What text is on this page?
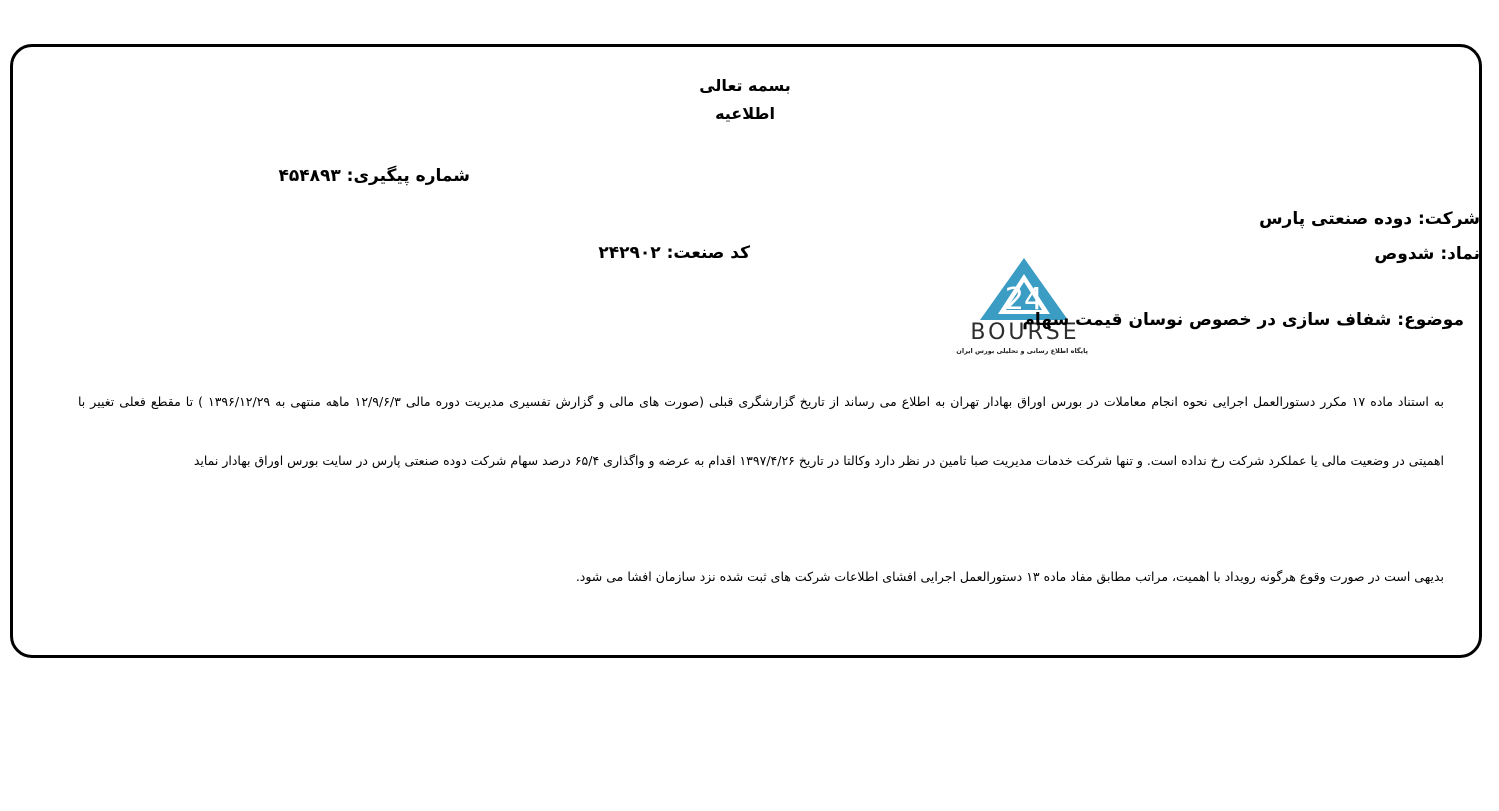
بسمه تعالی
اطلاعیه
شماره پیگیری: ۴۵۴۸۹۳
شرکت: دوده صنعتی پارس
نماد: شدوص
کد صنعت: ۲۴۲۹۰۲
24
BOURSE
پایگاه اطلاع رسانی و تحلیلی بورس ایران
موضوع: شفاف سازی در خصوص نوسان قیمت سهام
به استناد ماده ۱۷ مکرر دستورالعمل اجرایی نحوه انجام معاملات در بورس اوراق بهادار تهران به اطلاع می رساند از تاریخ گزارشگری قبلی (صورت های مالی و گزارش تفسیری مدیریت دوره مالی ۱۲/۹/۶/۳ ماهه منتهی به ۱۳۹۶/۱۲/۲۹ ) تا مقطع فعلی تغییر با
اهمیتی در وضعیت مالی یا عملکرد شرکت رخ نداده است. و تنها شرکت خدمات مدیریت صبا تامین در نظر دارد وکالتا در تاریخ ۱۳۹۷/۴/۲۶ اقدام به عرضه و واگذاری ۶۵/۴ درصد سهام شرکت دوده صنعتی پارس در سایت بورس اوراق بهادار نماید
بدیهی است در صورت وقوع هرگونه رویداد با اهمیت، مراتب مطابق مفاد ماده ۱۳ دستورالعمل اجرایی افشای اطلاعات شرکت های ثبت شده نزد سازمان افشا می شود.
